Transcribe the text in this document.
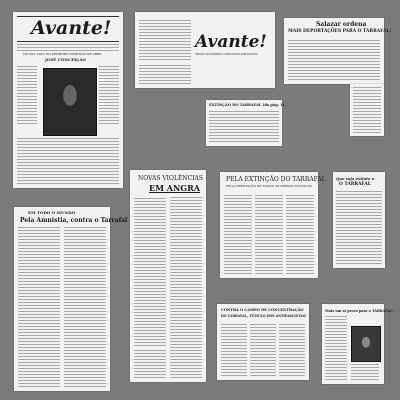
Avante!
NO XXV ANIV. DO PRIMEIRO DOMINGO DE ABRIL
JOSÉ CONCEIÇÃO
Avante!
ÓRGÃO DO PARTIDO COMUNISTA PORTUGUÊS
Salazar ordena
MAIS DEPORTAÇÕES PARA O TARRAFAL!
EXTINÇÃO DO TARRAFAL (da pág. 1)
EM TODO O MUNDO
Pela Amnistia, contra o Tarrafal
NOVAS VIOLÊNCIAS
EM ANGRA
PELA EXTINÇÃO DO TARRAFAL
PELA LIBERTAÇÃO DE TODOS OS PRESOS POLÍTICOS
Que seja extinto o
O TARRAFAL
CONTRA O CAMPO DE CONCENTRAÇÃO
DO TARRAFAL, TÚMULO DOS ANTIFASCISTAS!
Mais um ai preso para o TARRAFAL!
